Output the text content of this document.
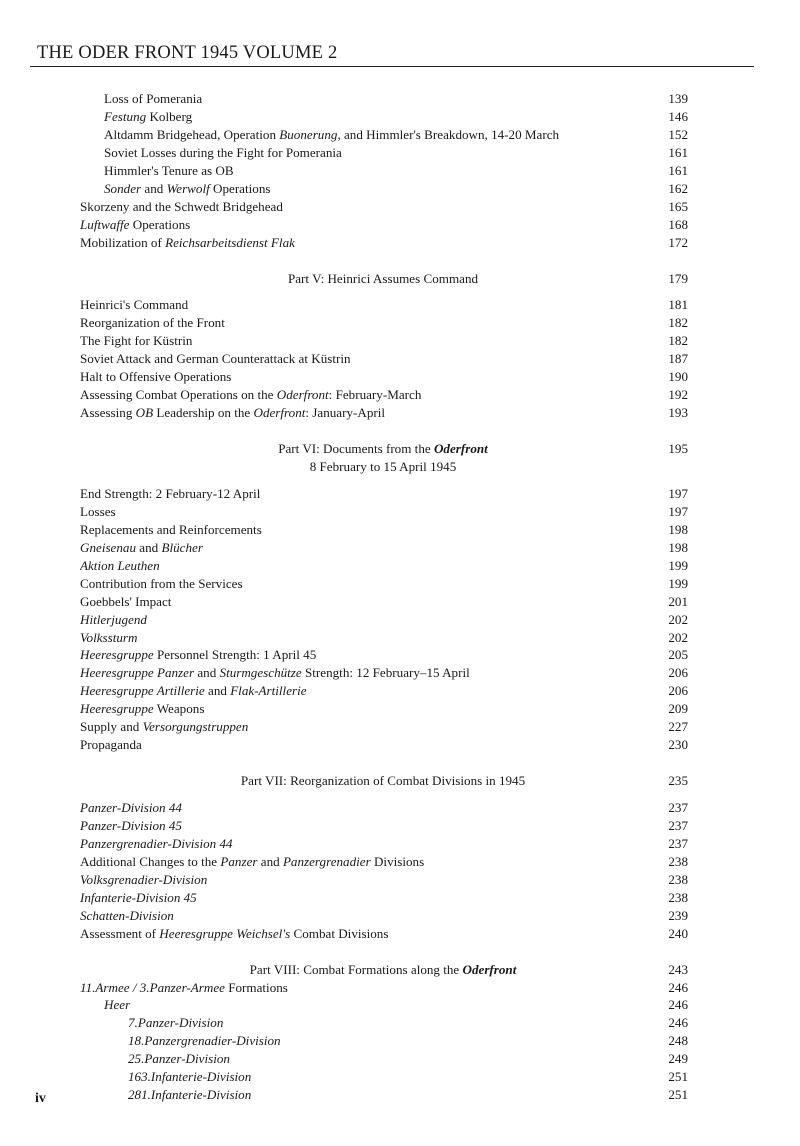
THE ODER FRONT 1945 VOLUME 2
Loss of Pomerania	139
Festung Kolberg	146
Altdamm Bridgehead, Operation Buonerung, and Himmler's Breakdown, 14-20 March	152
Soviet Losses during the Fight for Pomerania	161
Himmler's Tenure as OB	161
Sonder and Werwolf Operations	162
Skorzeny and the Schwedt Bridgehead	165
Luftwaffe Operations	168
Mobilization of Reichsarbeitsdienst Flak	172
Part V: Heinrici Assumes Command	179
Heinrici's Command	181
Reorganization of the Front	182
The Fight for Küstrin	182
Soviet Attack and German Counterattack at Küstrin	187
Halt to Offensive Operations	190
Assessing Combat Operations on the Oderfront: February-March	192
Assessing OB Leadership on the Oderfront: January-April	193
Part VI: Documents from the Oderfront	195
8 February to 15 April 1945
End Strength: 2 February-12 April	197
Losses	197
Replacements and Reinforcements	198
Gneisenau and Blücher	198
Aktion Leuthen	199
Contribution from the Services	199
Goebbels' Impact	201
Hitlerjugend	202
Volkssturm	202
Heeresgruppe Personnel Strength: 1 April 45	205
Heeresgruppe Panzer and Sturmgeschütze Strength: 12 February–15 April	206
Heeresgruppe Artillerie and Flak-Artillerie	206
Heeresgruppe Weapons	209
Supply and Versorgungstruppen	227
Propaganda	230
Part VII: Reorganization of Combat Divisions in 1945	235
Panzer-Division 44	237
Panzer-Division 45	237
Panzergrenadier-Division 44	237
Additional Changes to the Panzer and Panzergrenadier Divisions	238
Volksgrenadier-Division	238
Infanterie-Division 45	238
Schatten-Division	239
Assessment of Heeresgruppe Weichsel's Combat Divisions	240
Part VIII: Combat Formations along the Oderfront	243
11.Armee / 3.Panzer-Armee Formations	246
Heer	246
7.Panzer-Division	246
18.Panzergrenadier-Division	248
25.Panzer-Division	249
163.Infanterie-Division	251
281.Infanterie-Division	251
iv
